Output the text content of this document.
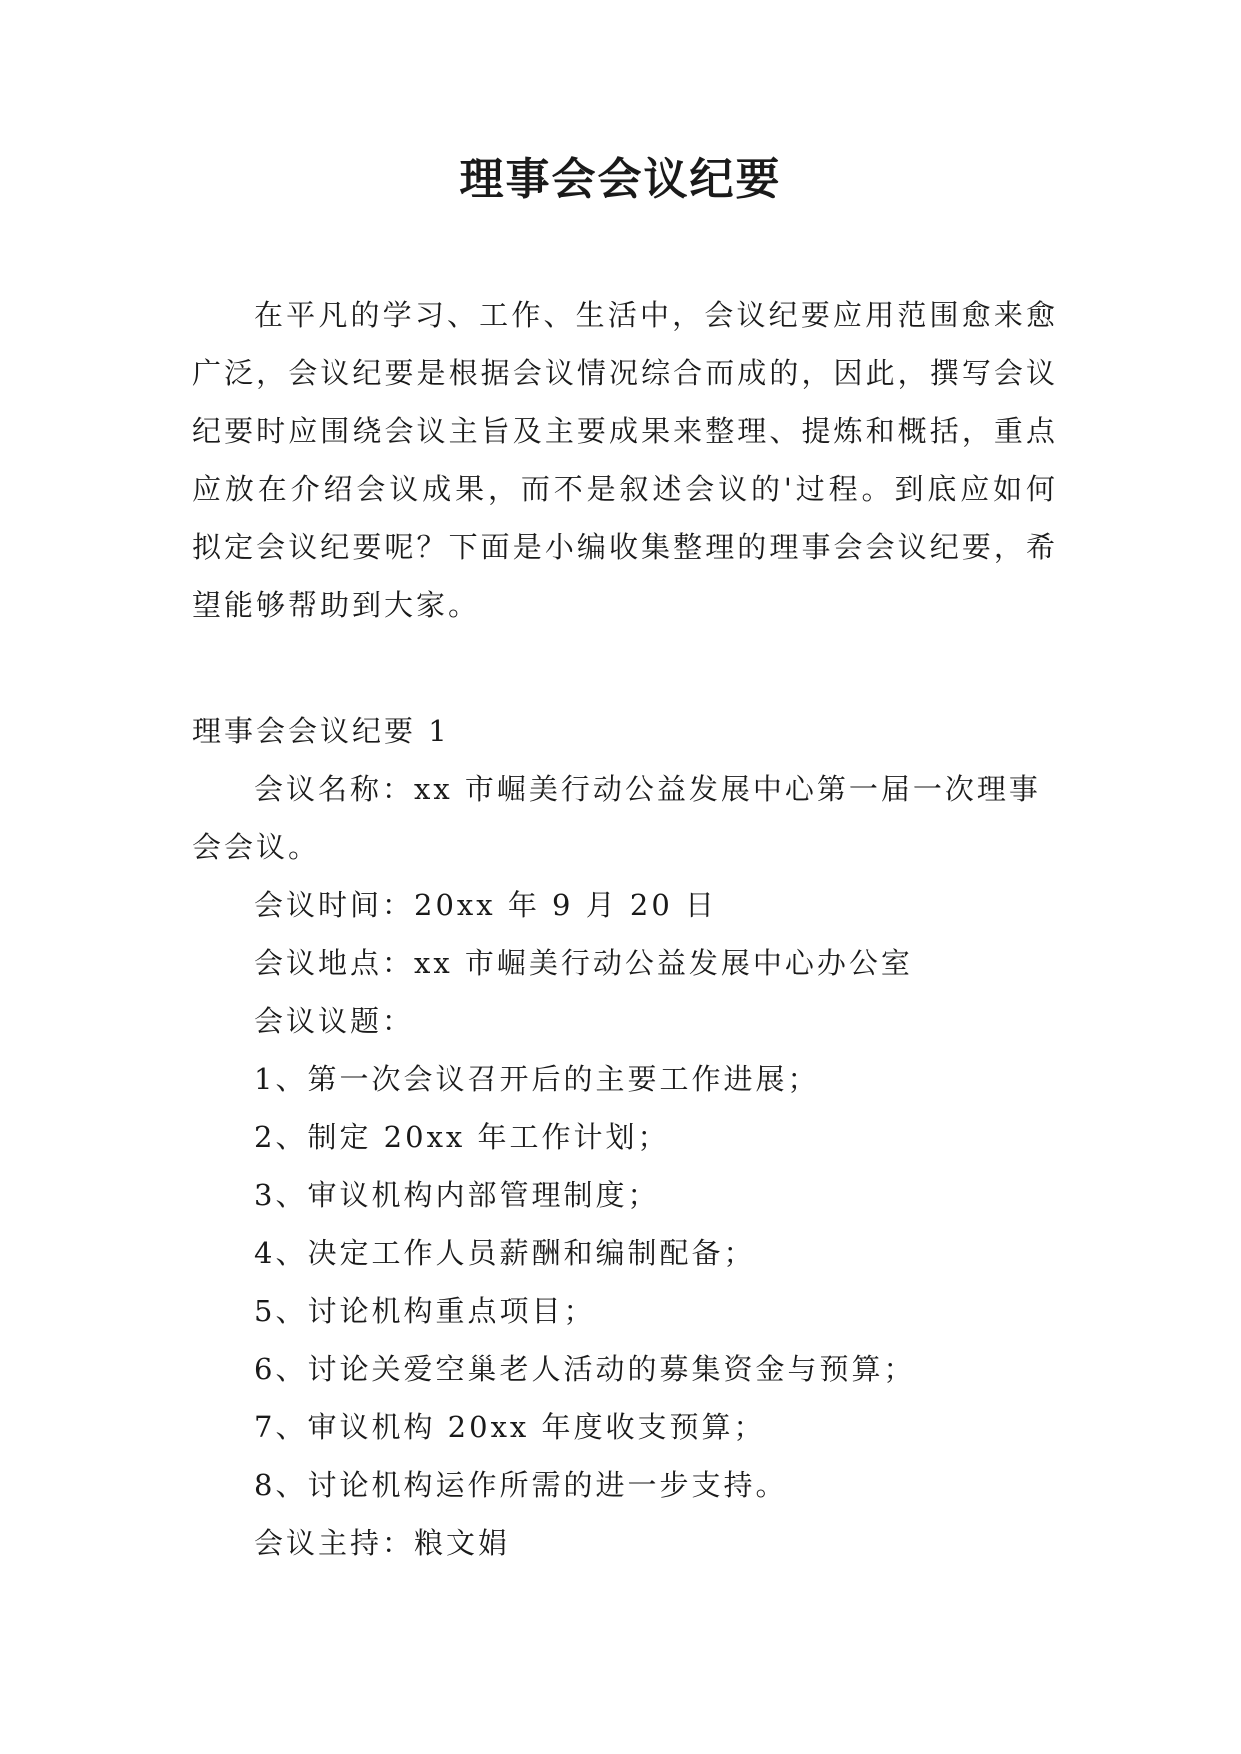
理事会会议纪要

在平凡的学习、工作、生活中，会议纪要应用范围愈来愈广泛，会议纪要是根据会议情况综合而成的，因此，撰写会议纪要时应围绕会议主旨及主要成果来整理、提炼和概括，重点应放在介绍会议成果，而不是叙述会议的'过程。到底应如何拟定会议纪要呢？下面是小编收集整理的理事会会议纪要，希望能够帮助到大家。

理事会会议纪要 1

会议名称：xx 市崛美行动公益发展中心第一届一次理事会会议。

会议时间：20xx 年 9 月 20 日

会议地点：xx 市崛美行动公益发展中心办公室

会议议题：

1、第一次会议召开后的主要工作进展；

2、制定 20xx 年工作计划；

3、审议机构内部管理制度；

4、决定工作人员薪酬和编制配备；

5、讨论机构重点项目；

6、讨论关爱空巢老人活动的募集资金与预算；

7、审议机构 20xx 年度收支预算；

8、讨论机构运作所需的进一步支持。

会议主持：粮文娟
